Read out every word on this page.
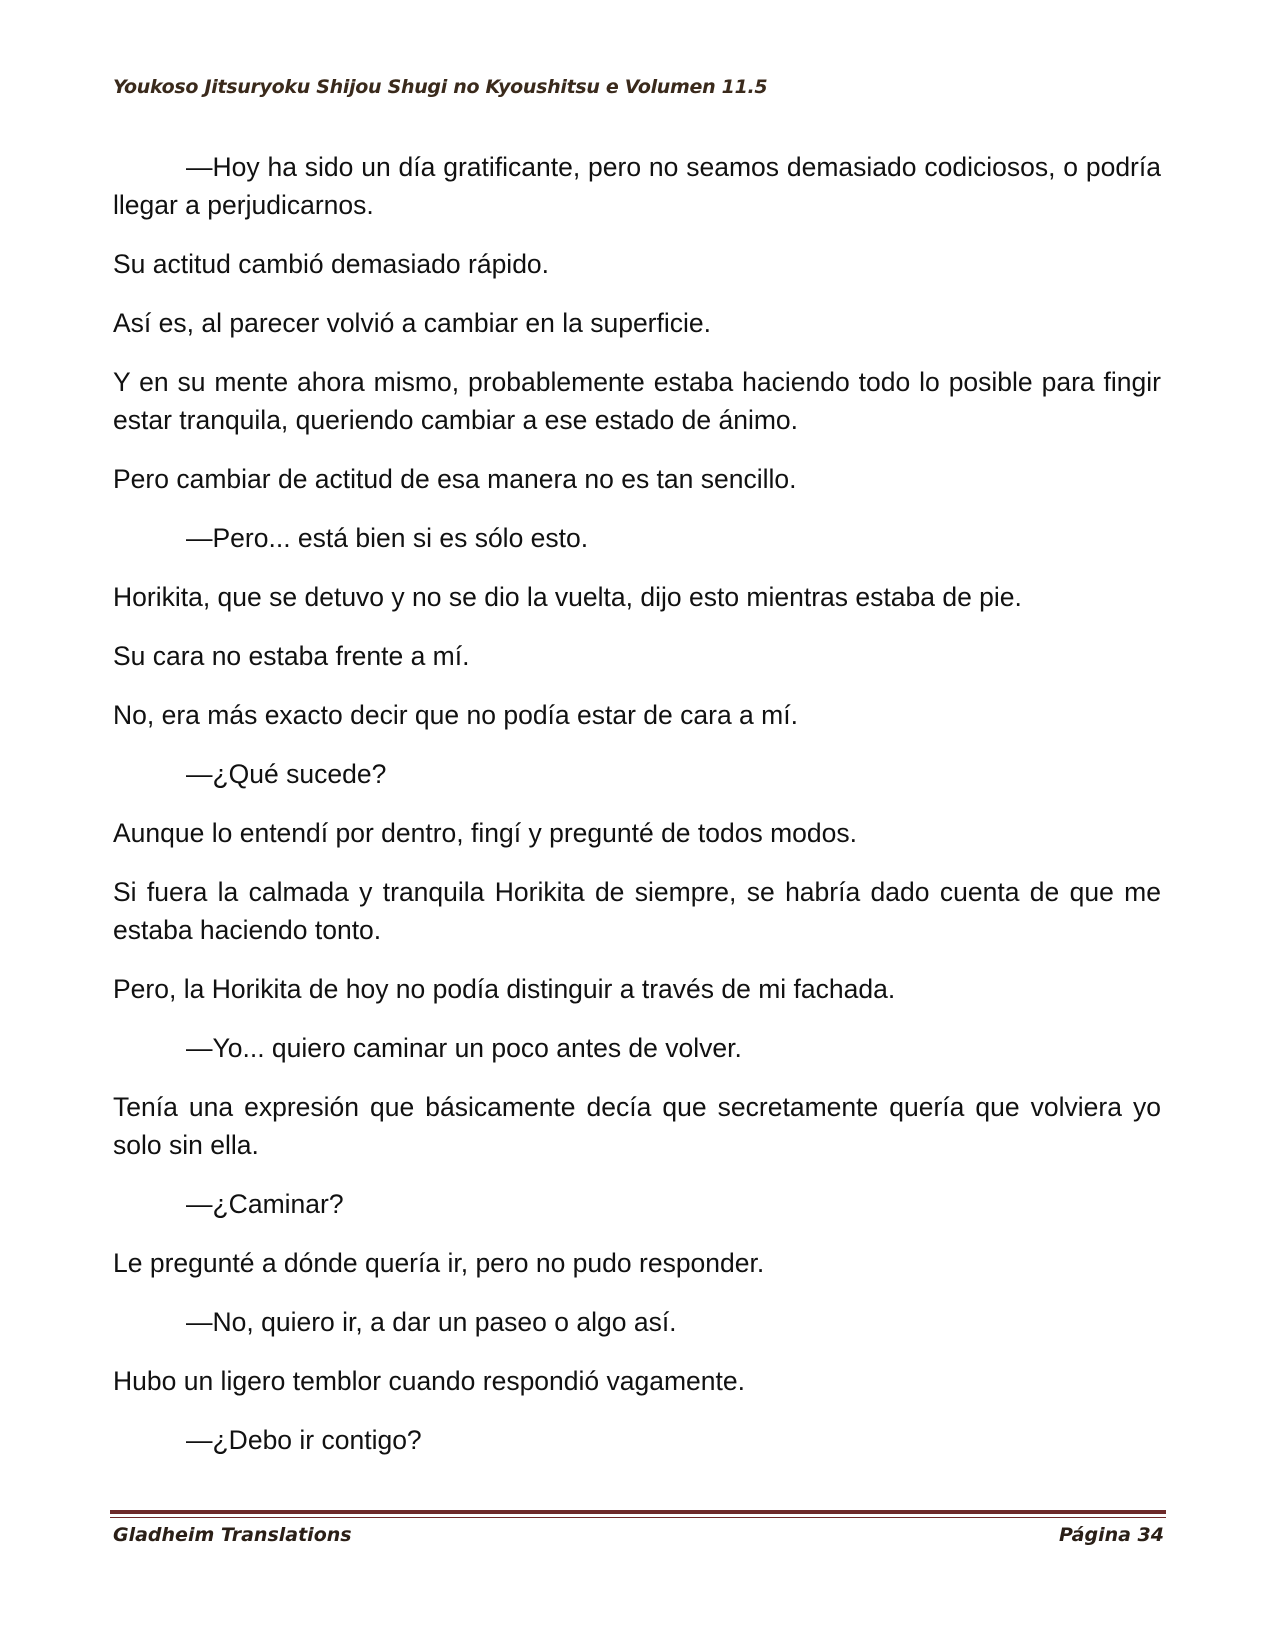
Youkoso Jitsuryoku Shijou Shugi no Kyoushitsu e Volumen 11.5

—Hoy ha sido un día gratificante, pero no seamos demasiado codiciosos, o podría llegar a perjudicarnos.

Su actitud cambió demasiado rápido.

Así es, al parecer volvió a cambiar en la superficie.

Y en su mente ahora mismo, probablemente estaba haciendo todo lo posible para fingir estar tranquila, queriendo cambiar a ese estado de ánimo.

Pero cambiar de actitud de esa manera no es tan sencillo.

—Pero... está bien si es sólo esto.

Horikita, que se detuvo y no se dio la vuelta, dijo esto mientras estaba de pie.

Su cara no estaba frente a mí.

No, era más exacto decir que no podía estar de cara a mí.

—¿Qué sucede?

Aunque lo entendí por dentro, fingí y pregunté de todos modos.

Si fuera la calmada y tranquila Horikita de siempre, se habría dado cuenta de que me estaba haciendo tonto.

Pero, la Horikita de hoy no podía distinguir a través de mi fachada.

—Yo... quiero caminar un poco antes de volver.

Tenía una expresión que básicamente decía que secretamente quería que volviera yo solo sin ella.

—¿Caminar?

Le pregunté a dónde quería ir, pero no pudo responder.

—No, quiero ir, a dar un paseo o algo así.

Hubo un ligero temblor cuando respondió vagamente.

—¿Debo ir contigo?

Gladheim Translations	Página 34
